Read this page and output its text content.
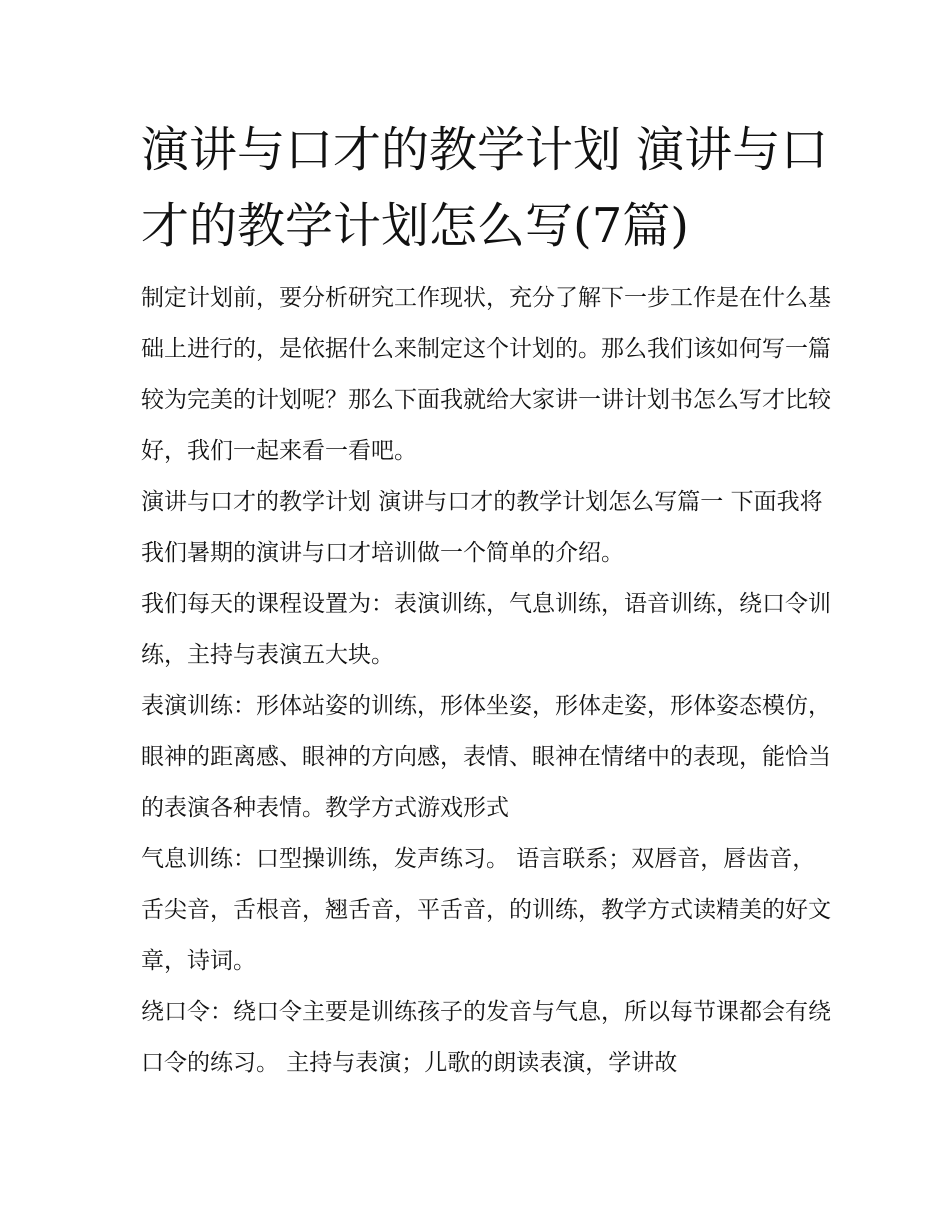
演讲与口才的教学计划 演讲与口才的教学计划怎么写(7篇)

制定计划前，要分析研究工作现状，充分了解下一步工作是在什么基础上进行的，是依据什么来制定这个计划的。那么我们该如何写一篇较为完美的计划呢？那么下面我就给大家讲一讲计划书怎么写才比较好，我们一起来看一看吧。

演讲与口才的教学计划 演讲与口才的教学计划怎么写篇一 下面我将我们暑期的演讲与口才培训做一个简单的介绍。

我们每天的课程设置为：表演训练，气息训练，语音训练，绕口令训练，主持与表演五大块。

表演训练：形体站姿的训练，形体坐姿，形体走姿，形体姿态模仿，眼神的距离感、眼神的方向感，表情、眼神在情绪中的表现，能恰当的表演各种表情。教学方式游戏形式

气息训练：口型操训练，发声练习。 语言联系；双唇音，唇齿音，舌尖音，舌根音，翘舌音，平舌音，的训练，教学方式读精美的好文章，诗词。

绕口令：绕口令主要是训练孩子的发音与气息，所以每节课都会有绕口令的练习。 主持与表演；儿歌的朗读表演，学讲故
